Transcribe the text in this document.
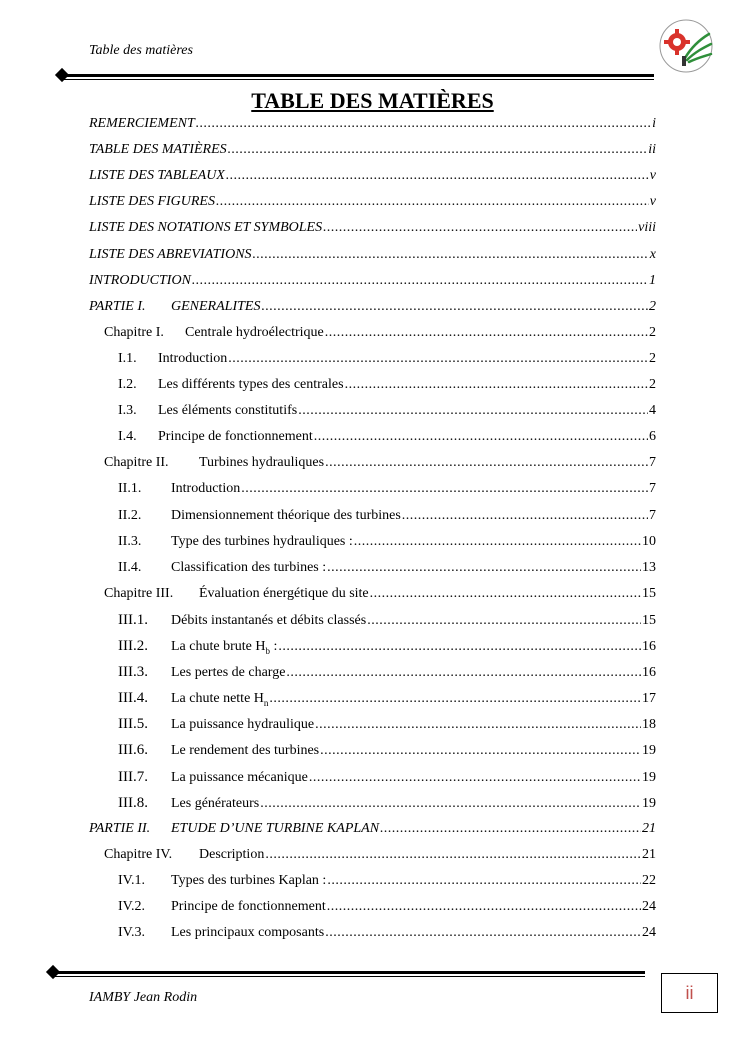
Table des matières
TABLE DES MATIÈRES
REMERCIEMENT .....	i
TABLE DES MATIÈRES .....	ii
LISTE DES TABLEAUX .....	v
LISTE DES FIGURES .....	v
LISTE DES NOTATIONS ET SYMBOLES .....	viii
LISTE DES ABREVIATIONS .....	x
INTRODUCTION .....	1
PARTIE I.	GENERALITES .....	2
Chapitre I.	Centrale hydroélectrique .....	2
I.1.	Introduction .....	2
I.2.	Les différents types des centrales .....	2
I.3.	Les éléments constitutifs .....	4
I.4.	Principe de fonctionnement .....	6
Chapitre II.	Turbines hydrauliques .....	7
II.1.	Introduction .....	7
II.2.	Dimensionnement théorique des turbines .....	7
II.3.	Type des turbines hydrauliques : .....	10
II.4.	Classification des turbines : .....	13
Chapitre III.	Évaluation énergétique du site .....	15
III.1.	Débits instantanés et débits classés .....	15
III.2.	La chute brute $H_b$ : .....	16
III.3.	Les pertes de charge .....	16
III.4.	La chute nette $H_n$ .....	17
III.5.	La puissance hydraulique .....	18
III.6.	Le rendement des turbines .....	19
III.7.	La puissance mécanique .....	19
III.8.	Les générateurs .....	19
PARTIE II.	ETUDE D’UNE TURBINE KAPLAN .....	21
Chapitre IV.	Description .....	21
IV.1.	Types des turbines Kaplan : .....	22
IV.2.	Principe de fonctionnement .....	24
IV.3.	Les principaux composants .....	24
IAMBY Jean Rodin	ii
